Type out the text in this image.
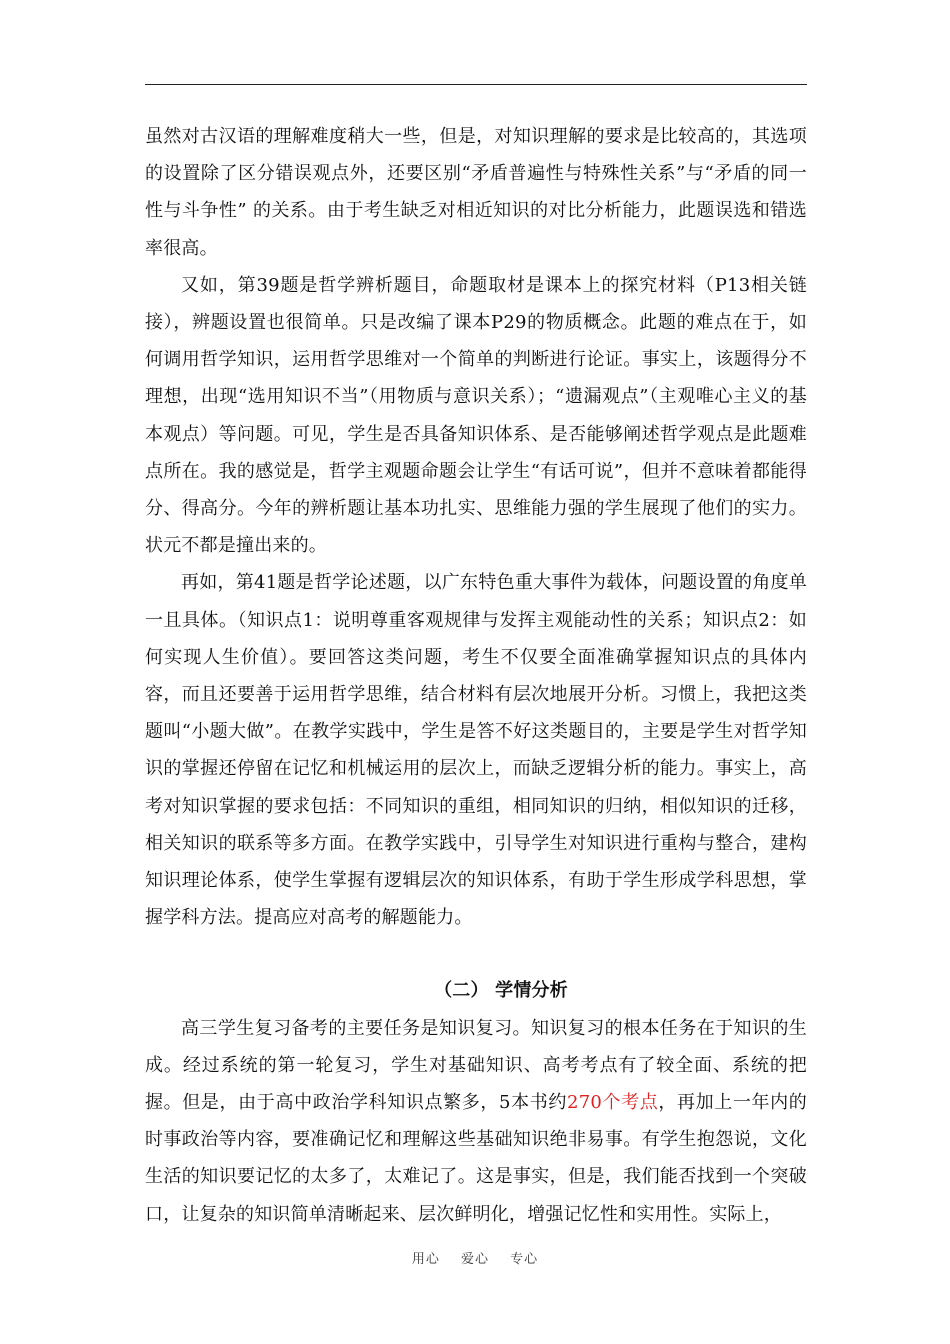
虽然对古汉语的理解难度稍大一些，但是，对知识理解的要求是比较高的，其选项的设置除了区分错误观点外，还要区别“矛盾普遍性与特殊性关系”与“矛盾的同一性与斗争性” 的关系。由于考生缺乏对相近知识的对比分析能力，此题误选和错选率很高。

又如，第39题是哲学辨析题目，命题取材是课本上的探究材料（P13相关链接），辨题设置也很简单。只是改编了课本P29的物质概念。此题的难点在于，如何调用哲学知识，运用哲学思维对一个简单的判断进行论证。事实上，该题得分不理想，出现“选用知识不当”（用物质与意识关系）；“遗漏观点”（主观唯心主义的基本观点）等问题。可见，学生是否具备知识体系、是否能够阐述哲学观点是此题难点所在。我的感觉是，哲学主观题命题会让学生“有话可说”，但并不意味着都能得分、得高分。今年的辨析题让基本功扎实、思维能力强的学生展现了他们的实力。状元不都是撞出来的。

再如，第41题是哲学论述题，以广东特色重大事件为载体，问题设置的角度单一且具体。（知识点1：说明尊重客观规律与发挥主观能动性的关系；知识点2：如何实现人生价值）。要回答这类问题，考生不仅要全面准确掌握知识点的具体内容，而且还要善于运用哲学思维，结合材料有层次地展开分析。习惯上，我把这类题叫“小题大做”。在教学实践中，学生是答不好这类题目的，主要是学生对哲学知识的掌握还停留在记忆和机械运用的层次上，而缺乏逻辑分析的能力。事实上，高考对知识掌握的要求包括：不同知识的重组，相同知识的归纳，相似知识的迁移，相关知识的联系等多方面。在教学实践中，引导学生对知识进行重构与整合，建构知识理论体系，使学生掌握有逻辑层次的知识体系，有助于学生形成学科思想，掌握学科方法。提高应对高考的解题能力。

（二） 学情分析

高三学生复习备考的主要任务是知识复习。知识复习的根本任务在于知识的生成。经过系统的第一轮复习，学生对基础知识、高考考点有了较全面、系统的把握。但是，由于高中政治学科知识点繁多，5本书约270个考点，再加上一年内的时事政治等内容，要准确记忆和理解这些基础知识绝非易事。有学生抱怨说，文化生活的知识要记忆的太多了，太难记了。这是事实，但是，我们能否找到一个突破口，让复杂的知识简单清晰起来、层次鲜明化，增强记忆性和实用性。实际上，

用心 爱心 专心
